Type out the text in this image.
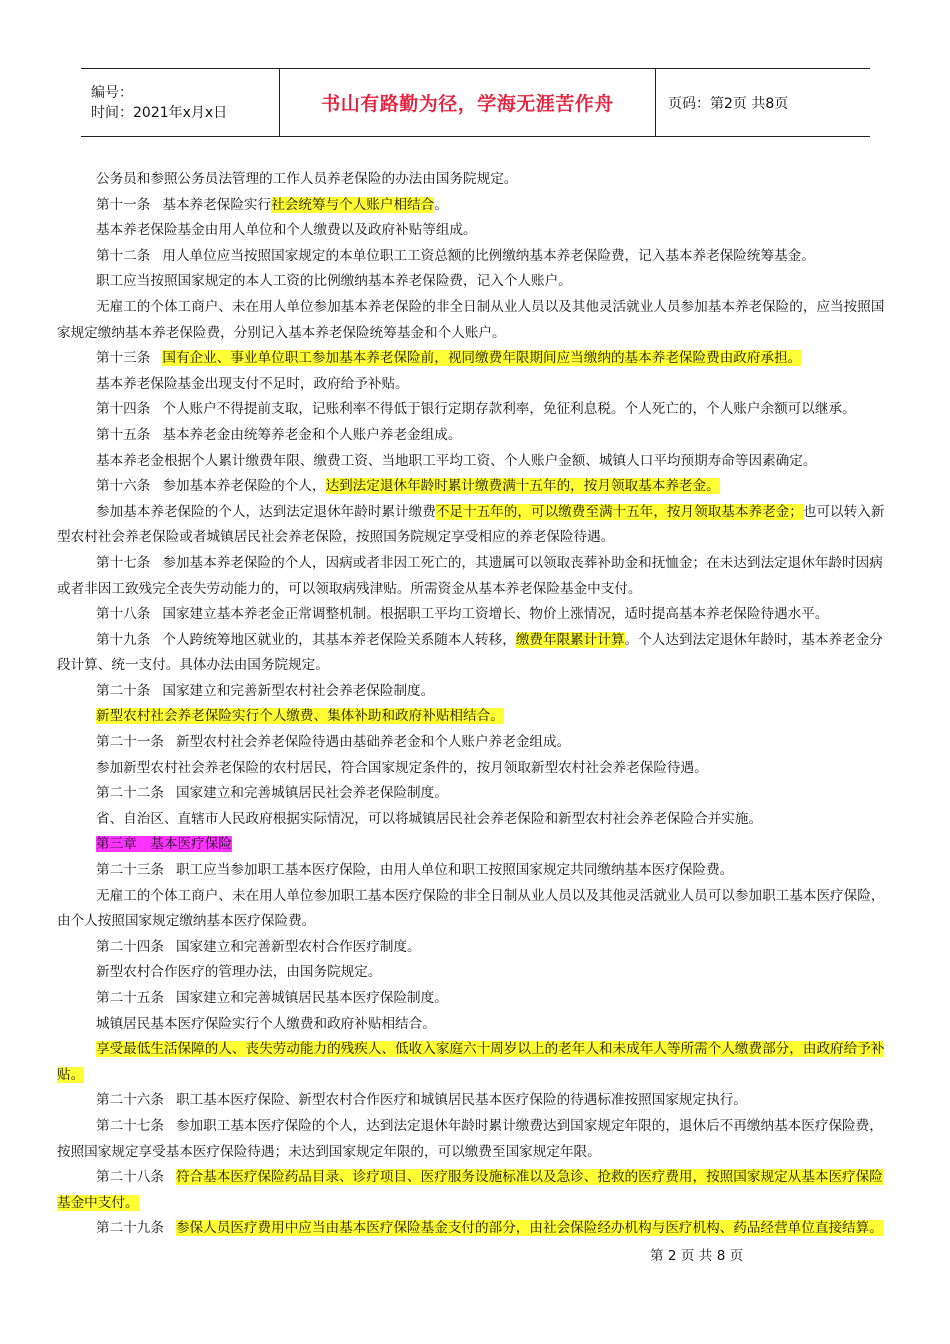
编号：
时间：2021年x月x日	书山有路勤为径，学海无涯苦作舟	页码：第2页 共8页
公务员和参照公务员法管理的工作人员养老保险的办法由国务院规定。
第十一条 基本养老保险实行社会统筹与个人账户相结合。
基本养老保险基金由用人单位和个人缴费以及政府补贴等组成。
第十二条 用人单位应当按照国家规定的本单位职工工资总额的比例缴纳基本养老保险费，记入基本养老保险统筹基金。
职工应当按照国家规定的本人工资的比例缴纳基本养老保险费，记入个人账户。
无雇工的个体工商户、未在用人单位参加基本养老保险的非全日制从业人员以及其他灵活就业人员参加基本养老保险的，应当按照国家规定缴纳基本养老保险费，分别记入基本养老保险统筹基金和个人账户。
第十三条 国有企业、事业单位职工参加基本养老保险前，视同缴费年限期间应当缴纳的基本养老保险费由政府承担。
基本养老保险基金出现支付不足时，政府给予补贴。
第十四条 个人账户不得提前支取，记账利率不得低于银行定期存款利率，免征利息税。个人死亡的，个人账户余额可以继承。
第十五条 基本养老金由统筹养老金和个人账户养老金组成。
基本养老金根据个人累计缴费年限、缴费工资、当地职工平均工资、个人账户金额、城镇人口平均预期寿命等因素确定。
第十六条 参加基本养老保险的个人，达到法定退休年龄时累计缴费满十五年的，按月领取基本养老金。
参加基本养老保险的个人，达到法定退休年龄时累计缴费不足十五年的，可以缴费至满十五年，按月领取基本养老金；也可以转入新型农村社会养老保险或者城镇居民社会养老保险，按照国务院规定享受相应的养老保险待遇。
第十七条 参加基本养老保险的个人，因病或者非因工死亡的，其遗属可以领取丧葬补助金和抚恤金；在未达到法定退休年龄时因病或者非因工致残完全丧失劳动能力的，可以领取病残津贴。所需资金从基本养老保险基金中支付。
第十八条 国家建立基本养老金正常调整机制。根据职工平均工资增长、物价上涨情况，适时提高基本养老保险待遇水平。
第十九条 个人跨统筹地区就业的，其基本养老保险关系随本人转移，缴费年限累计计算。个人达到法定退休年龄时，基本养老金分段计算、统一支付。具体办法由国务院规定。
第二十条 国家建立和完善新型农村社会养老保险制度。
新型农村社会养老保险实行个人缴费、集体补助和政府补贴相结合。
第二十一条 新型农村社会养老保险待遇由基础养老金和个人账户养老金组成。
参加新型农村社会养老保险的农村居民，符合国家规定条件的，按月领取新型农村社会养老保险待遇。
第二十二条 国家建立和完善城镇居民社会养老保险制度。
省、自治区、直辖市人民政府根据实际情况，可以将城镇居民社会养老保险和新型农村社会养老保险合并实施。
第三章　基本医疗保险
第二十三条 职工应当参加职工基本医疗保险，由用人单位和职工按照国家规定共同缴纳基本医疗保险费。
无雇工的个体工商户、未在用人单位参加职工基本医疗保险的非全日制从业人员以及其他灵活就业人员可以参加职工基本医疗保险，由个人按照国家规定缴纳基本医疗保险费。
第二十四条 国家建立和完善新型农村合作医疗制度。
新型农村合作医疗的管理办法，由国务院规定。
第二十五条 国家建立和完善城镇居民基本医疗保险制度。
城镇居民基本医疗保险实行个人缴费和政府补贴相结合。
享受最低生活保障的人、丧失劳动能力的残疾人、低收入家庭六十周岁以上的老年人和未成年人等所需个人缴费部分，由政府给予补贴。
第二十六条 职工基本医疗保险、新型农村合作医疗和城镇居民基本医疗保险的待遇标准按照国家规定执行。
第二十七条 参加职工基本医疗保险的个人，达到法定退休年龄时累计缴费达到国家规定年限的，退休后不再缴纳基本医疗保险费，按照国家规定享受基本医疗保险待遇；未达到国家规定年限的，可以缴费至国家规定年限。
第二十八条 符合基本医疗保险药品目录、诊疗项目、医疗服务设施标准以及急诊、抢救的医疗费用，按照国家规定从基本医疗保险基金中支付。
第二十九条 参保人员医疗费用中应当由基本医疗保险基金支付的部分，由社会保险经办机构与医疗机构、药品经营单位直接结算。
第 2 页 共 8 页
